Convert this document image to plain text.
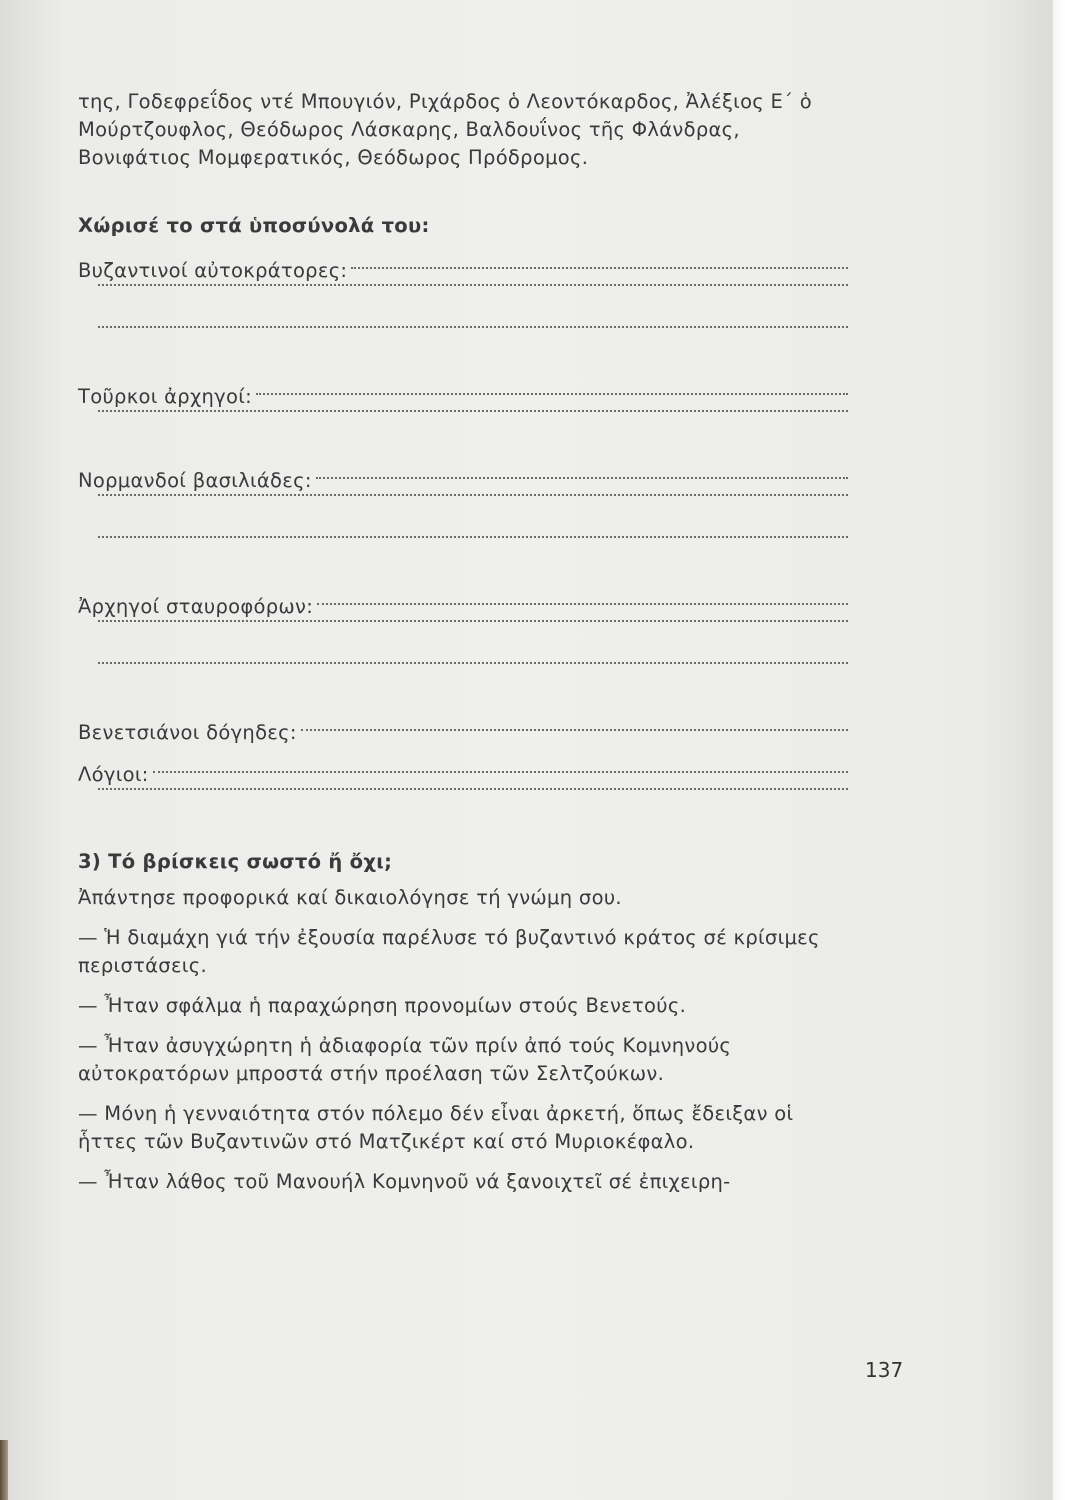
της, Γοδεφρεΐδος ντέ Μπουγιόν, Ριχάρδος ὁ Λεοντόκαρδος, Ἀλέξιος Ε΄ ὁ Μούρτζουφλος, Θεόδωρος Λάσκαρης, Βαλδουΐνος τῆς Φλάνδρας, Βονιφάτιος Μομφερατικός, Θεόδωρος Πρόδρομος.

Χώρισέ το στά ὑποσύνολά του:
Βυζαντινοί αὐτοκράτορες:
Τοῦρκοι ἀρχηγοί:
Νορμανδοί βασιλιάδες:
Ἀρχηγοί σταυροφόρων:
Βενετσιάνοι δόγηδες:
Λόγιοι:
3) Τό βρίσκεις σωστό ἤ ὄχι;

Ἀπάντησε προφορικά καί δικαιολόγησε τή γνώμη σου.

— Ἡ διαμάχη γιά τήν ἐξουσία παρέλυσε τό βυζαντινό κράτος σέ κρίσιμες περιστάσεις.

— Ἦταν σφάλμα ἡ παραχώρηση προνομίων στούς Βενετούς.

— Ἦταν ἀσυγχώρητη ἡ ἀδιαφορία τῶν πρίν ἀπό τούς Κομνηνούς αὐτοκρατόρων μπροστά στήν προέλαση τῶν Σελτζούκων.

— Μόνη ἡ γενναιότητα στόν πόλεμο δέν εἶναι ἀρκετή, ὅπως ἔδειξαν οἱ ἧττες τῶν Βυζαντινῶν στό Ματζικέρτ καί στό Μυριοκέφαλο.

— Ἦταν λάθος τοῦ Μανουήλ Κομνηνοῦ νά ξανοιχτεῖ σέ ἐπιχειρη-

137
